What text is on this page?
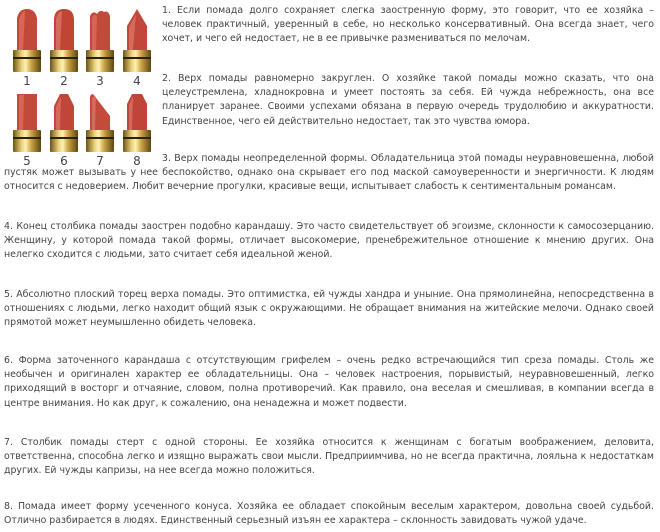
1	2	3	4
5	6	7	8

1. Если помада долго сохраняет слегка заостренную форму, это говорит, что ее хозяйка – человек практичный, уверенный в себе, но несколько консервативный. Она всегда знает, чего хочет, и чего ей недостает, не в ее привычке размениваться по мелочам.

2. Верх помады равномерно закруглен. О хозяйке такой помады можно сказать, что она целеустремлена, хладнокровна и умеет постоять за себя. Ей чужда небрежность, она все планирует заранее. Своими успехами обязана в первую очередь трудолюбию и аккуратности. Единственное, чего ей действительно недостает, так это чувства юмора.

3. Верх помады неопределенной формы. Обладательница этой помады неуравновешенна, любой пустяк может вызывать у нее беспокойство, однако она скрывает его под маской самоуверенности и энергичности. К людям относится с недоверием. Любит вечерние прогулки, красивые вещи, испытывает слабость к сентиментальным романсам.

4. Конец столбика помады заострен подобно карандашу. Это часто свидетельствует об эгоизме, склонности к самосозерцанию. Женщину, у которой помада такой формы, отличает высокомерие, пренебрежительное отношение к мнению других. Она нелегко сходится с людьми, зато считает себя идеальной женой.

5. Абсолютно плоский торец верха помады. Это оптимистка, ей чужды хандра и уныние. Она прямолинейна, непосредственна в отношениях с людьми, легко находит общий язык с окружающими. Не обращает внимания на житейские мелочи. Однако своей прямотой может неумышленно обидеть человека.

6. Форма заточенного карандаша с отсутствующим грифелем – очень редко встречающийся тип среза помады. Столь же необычен и оригинален характер ее обладательницы. Она – человек настроения, порывистый, неуравновешенный, легко приходящий в восторг и отчаяние, словом, полна противоречий. Как правило, она веселая и смешливая, в компании всегда в центре внимания. Но как друг, к сожалению, она ненадежна и может подвести.

7. Столбик помады стерт с одной стороны. Ее хозяйка относится к женщинам с богатым воображением, деловита, ответственна, способна легко и изящно выражать свои мысли. Предприимчива, но не всегда практична, лояльна к недостаткам других. Ей чужды капризы, на нее всегда можно положиться.

8. Помада имеет форму усеченного конуса. Хозяйка ее обладает спокойным веселым характером, довольна своей судьбой. Отлично разбирается в людях. Единственный серьезный изъян ее характера – склонность завидовать чужой удаче.
